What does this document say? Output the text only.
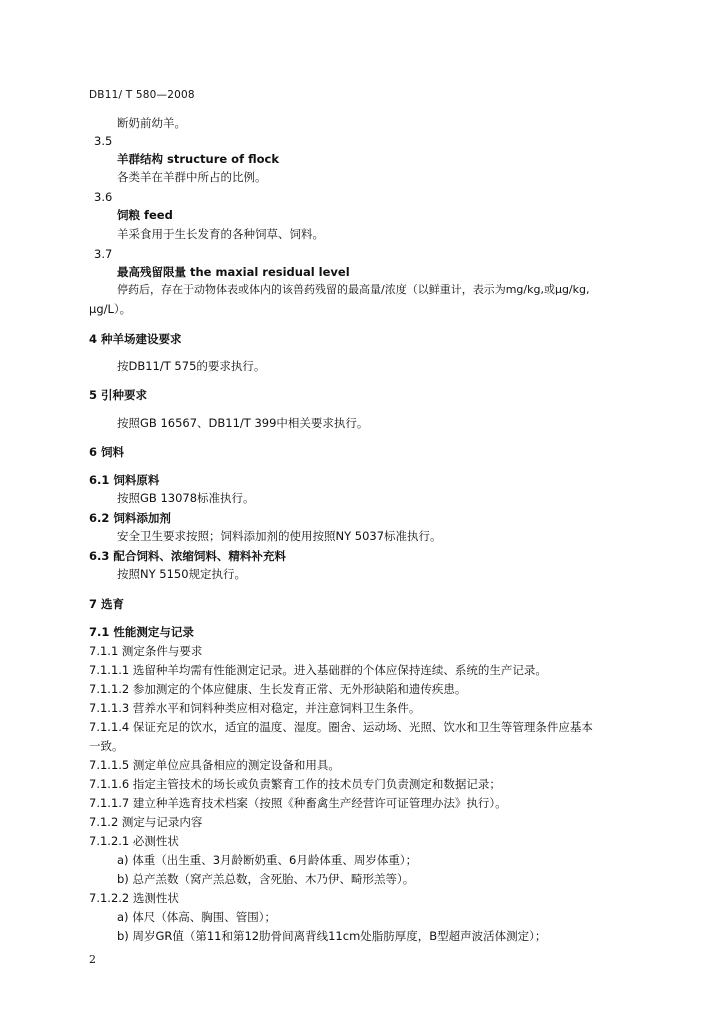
DB11/ T 580—2008
断奶前幼羊。
3.5
羊群结构 structure of flock
各类羊在羊群中所占的比例。
3.6
饲粮 feed
羊采食用于生长发育的各种饲草、饲料。
3.7
最高残留限量 the maxial residual level
停药后，存在于动物体表或体内的该兽药残留的最高量/浓度（以鲜重计，表示为mg/kg,或μg/kg,
μg/L）。
4 种羊场建设要求
按DB11/T 575的要求执行。
5 引种要求
按照GB 16567、DB11/T 399中相关要求执行。
6 饲料
6.1 饲料原料
按照GB 13078标准执行。
6.2 饲料添加剂
安全卫生要求按照；饲料添加剂的使用按照NY 5037标准执行。
6.3 配合饲料、浓缩饲料、精料补充料
按照NY 5150规定执行。
7 选育
7.1 性能测定与记录
7.1.1 测定条件与要求
7.1.1.1 选留种羊均需有性能测定记录。进入基础群的个体应保持连续、系统的生产记录。
7.1.1.2 参加测定的个体应健康、生长发育正常、无外形缺陷和遗传疾患。
7.1.1.3 营养水平和饲料种类应相对稳定，并注意饲料卫生条件。
7.1.1.4 保证充足的饮水，适宜的温度、湿度。圈舍、运动场、光照、饮水和卫生等管理条件应基本
一致。
7.1.1.5 测定单位应具备相应的测定设备和用具。
7.1.1.6 指定主管技术的场长或负责繁育工作的技术员专门负责测定和数据记录；
7.1.1.7 建立种羊选育技术档案（按照《种畜禽生产经营许可证管理办法》执行）。
7.1.2 测定与记录内容
7.1.2.1 必测性状
a) 体重（出生重、3月龄断奶重、6月龄体重、周岁体重）；
b) 总产羔数（窝产羔总数，含死胎、木乃伊、畸形羔等）。
7.1.2.2 选测性状
a) 体尺（体高、胸围、管围）；
b) 周岁GR值（第11和第12肋骨间离背线11cm处脂肪厚度，B型超声波活体测定）；
2
